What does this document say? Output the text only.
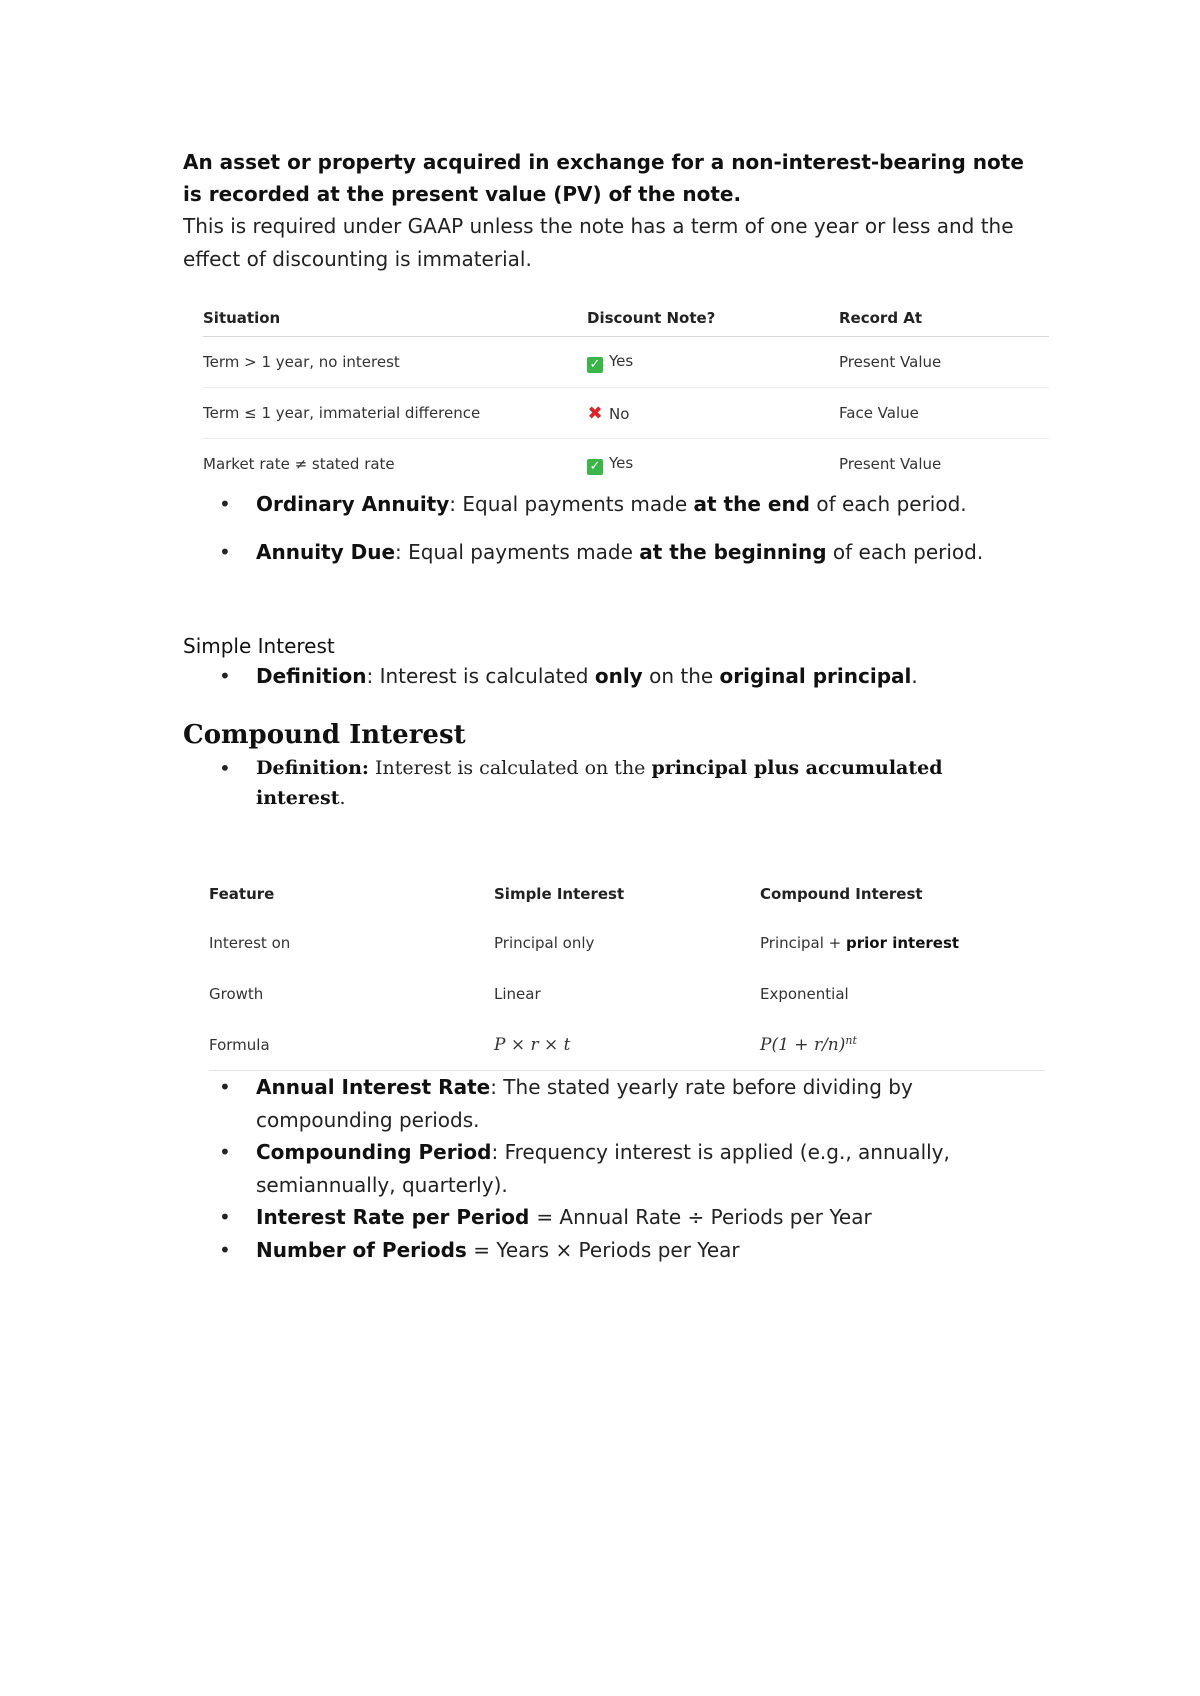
An asset or property acquired in exchange for a non-interest-bearing note is recorded at the present value (PV) of the note.

This is required under GAAP unless the note has a term of one year or less and the effect of discounting is immaterial.

Situation	Discount Note?	Record At
Term > 1 year, no interest	✓ Yes	Present Value
Term ≤ 1 year, immaterial difference	✖ No	Face Value
Market rate ≠ stated rate	✓ Yes	Present Value
• Ordinary Annuity: Equal payments made at the end of each period.
• Annuity Due: Equal payments made at the beginning of each period.
Simple Interest
• Definition: Interest is calculated only on the original principal.
Compound Interest
• Definition: Interest is calculated on the principal plus accumulated interest.
Feature	Simple Interest	Compound Interest
Interest on	Principal only	Principal + prior interest
Growth	Linear	Exponential
Formula	P × r × t	$P(1 + r/n)^{nt}$
• Annual Interest Rate: The stated yearly rate before dividing by compounding periods.
• Compounding Period: Frequency interest is applied (e.g., annually, semiannually, quarterly).
• Interest Rate per Period = Annual Rate ÷ Periods per Year
• Number of Periods = Years × Periods per Year
